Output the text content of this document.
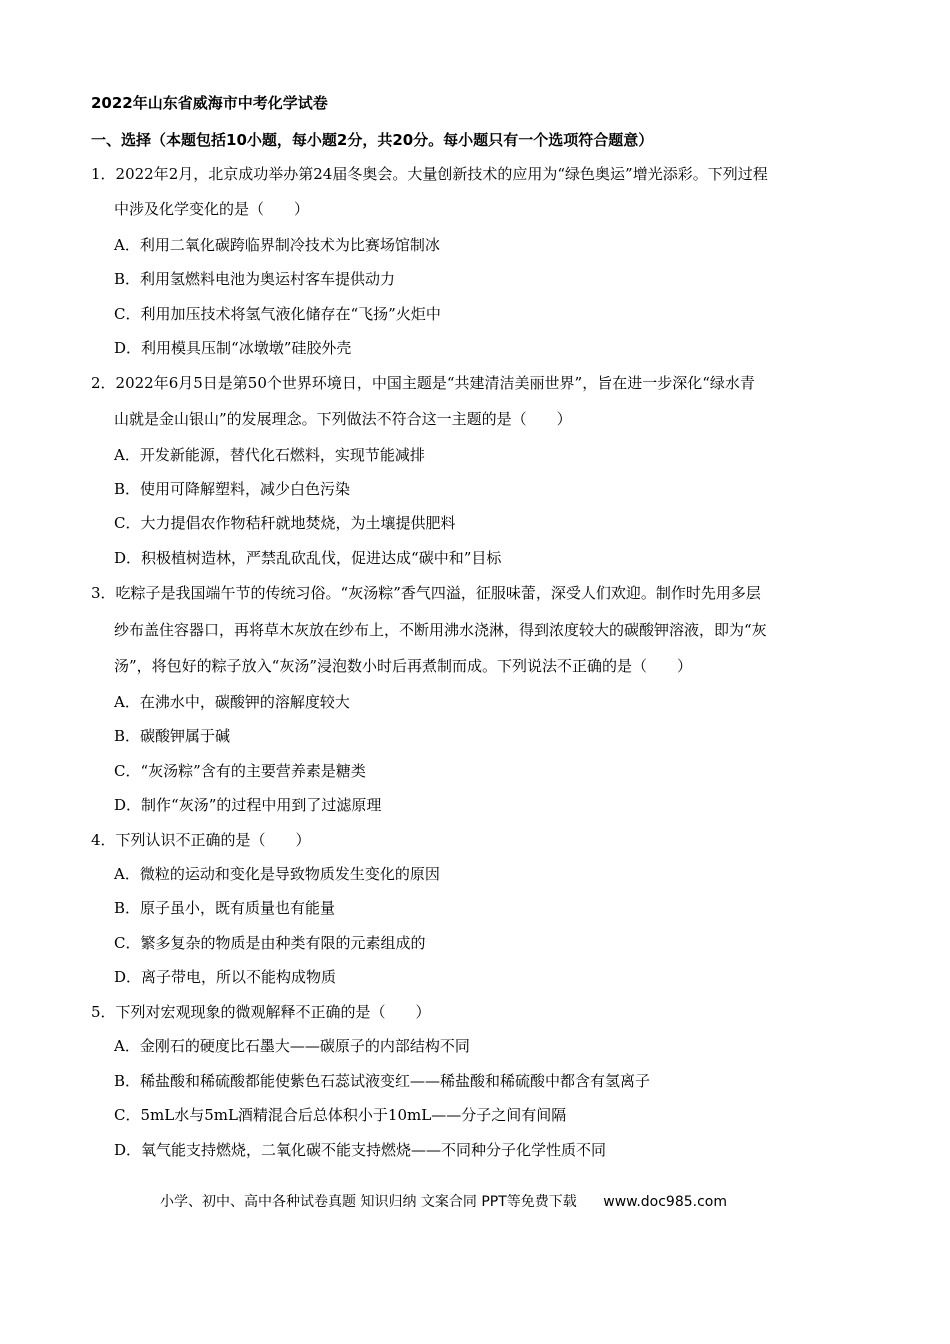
2022年山东省威海市中考化学试卷
一、选择（本题包括10小题，每小题2分，共20分。每小题只有一个选项符合题意）
1．2022年2月，北京成功举办第24届冬奥会。大量创新技术的应用为“绿色奥运”增光添彩。下列过程
中涉及化学变化的是（　　）
A．利用二氧化碳跨临界制冷技术为比赛场馆制冰
B．利用氢燃料电池为奥运村客车提供动力
C．利用加压技术将氢气液化储存在“飞扬”火炬中
D．利用模具压制“冰墩墩”硅胶外壳
2．2022年6月5日是第50个世界环境日，中国主题是“共建清洁美丽世界”，旨在进一步深化“绿水青
山就是金山银山”的发展理念。下列做法不符合这一主题的是（　　）
A．开发新能源，替代化石燃料，实现节能减排
B．使用可降解塑料，减少白色污染
C．大力提倡农作物秸秆就地焚烧，为土壤提供肥料
D．积极植树造林，严禁乱砍乱伐，促进达成“碳中和”目标
3．吃粽子是我国端午节的传统习俗。“灰汤粽”香气四溢，征服味蕾，深受人们欢迎。制作时先用多层
纱布盖住容器口，再将草木灰放在纱布上，不断用沸水浇淋，得到浓度较大的碳酸钾溶液，即为“灰
汤”，将包好的粽子放入“灰汤”浸泡数小时后再煮制而成。下列说法不正确的是（　　）
A．在沸水中，碳酸钾的溶解度较大
B．碳酸钾属于碱
C．“灰汤粽”含有的主要营养素是糖类
D．制作“灰汤”的过程中用到了过滤原理
4．下列认识不正确的是（　　）
A．微粒的运动和变化是导致物质发生变化的原因
B．原子虽小，既有质量也有能量
C．繁多复杂的物质是由种类有限的元素组成的
D．离子带电，所以不能构成物质
5．下列对宏观现象的微观解释不正确的是（　　）
A．金刚石的硬度比石墨大——碳原子的内部结构不同
B．稀盐酸和稀硫酸都能使紫色石蕊试液变红——稀盐酸和稀硫酸中都含有氢离子
C．5mL水与5mL酒精混合后总体积小于10mL——分子之间有间隔
D．氧气能支持燃烧，二氧化碳不能支持燃烧——不同种分子化学性质不同
小学、初中、高中各种试卷真题 知识归纳 文案合同 PPT等免费下载 www.doc985.com
